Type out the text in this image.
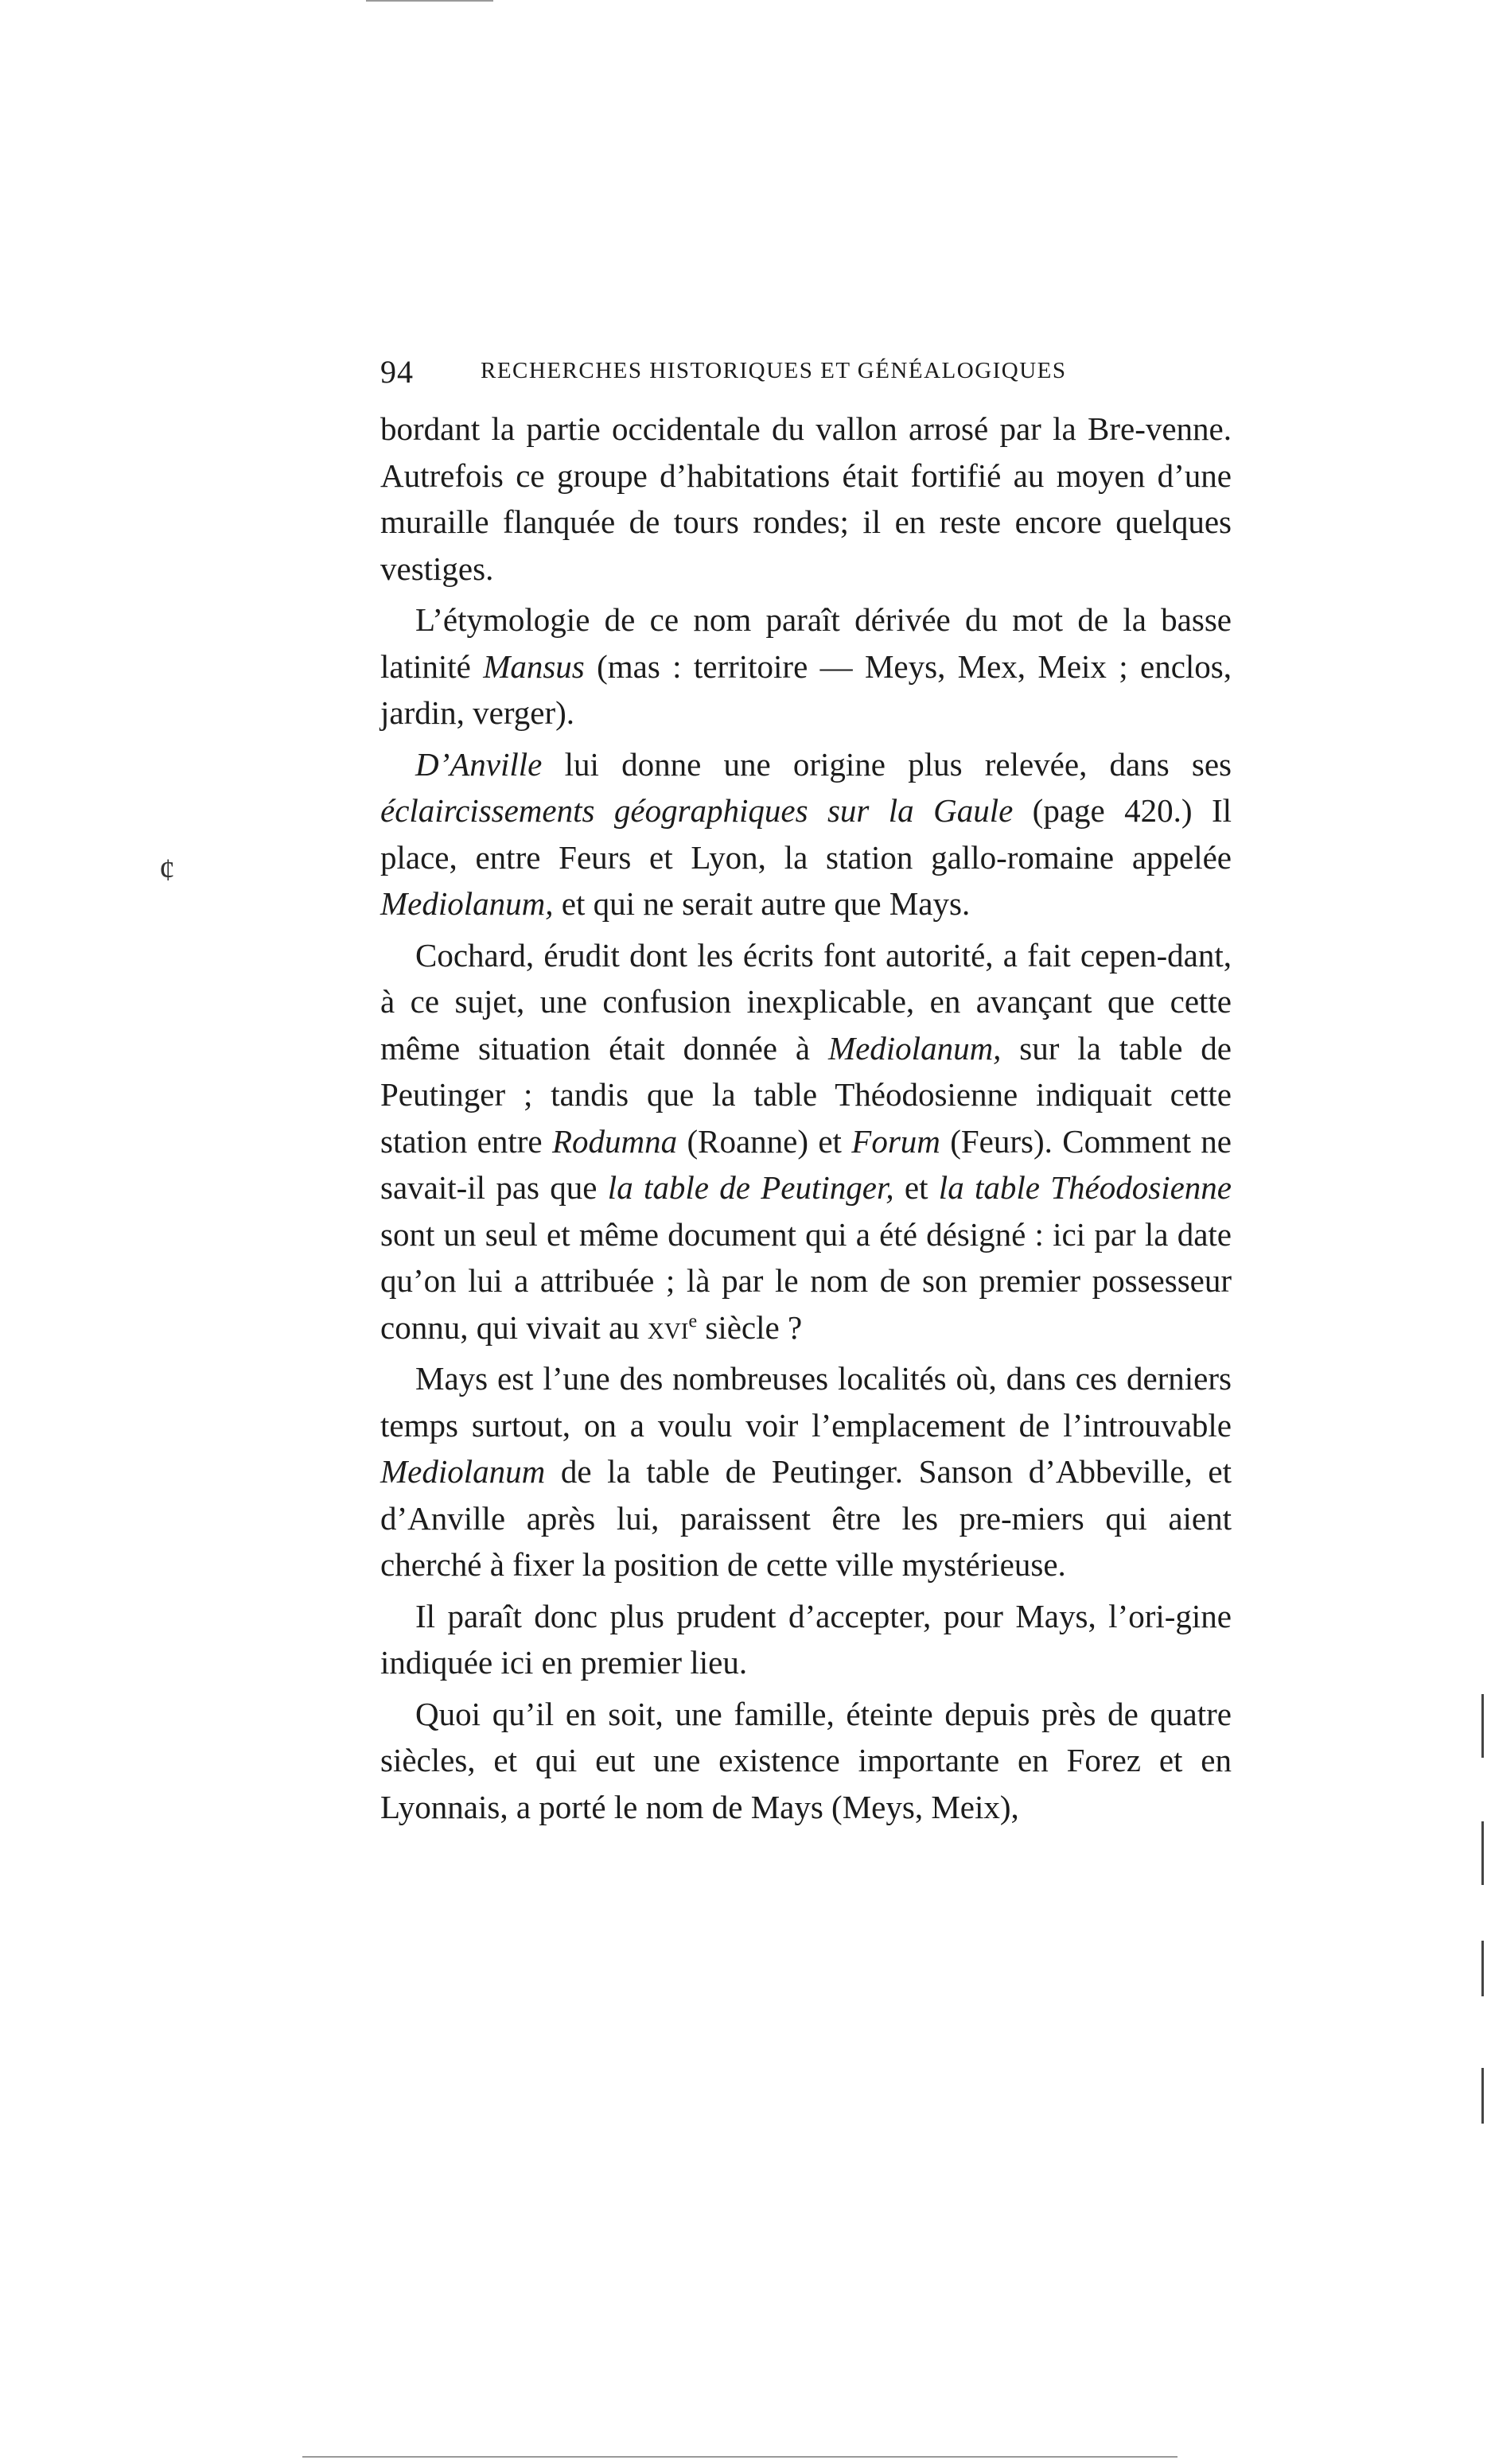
94	RECHERCHES HISTORIQUES ET GÉNÉALOGIQUES

bordant la partie occidentale du vallon arrosé par la Bre-venne. Autrefois ce groupe d’habitations était fortifié au moyen d’une muraille flanquée de tours rondes; il en reste encore quelques vestiges.

L’étymologie de ce nom paraît dérivée du mot de la basse latinité Mansus (mas : territoire — Meys, Mex, Meix ; enclos, jardin, verger).

D’Anville lui donne une origine plus relevée, dans ses éclaircissements géographiques sur la Gaule (page 420.) Il place, entre Feurs et Lyon, la station gallo-romaine appelée Mediolanum, et qui ne serait autre que Mays.

Cochard, érudit dont les écrits font autorité, a fait cepen-dant, à ce sujet, une confusion inexplicable, en avançant que cette même situation était donnée à Mediolanum, sur la table de Peutinger ; tandis que la table Théodosienne indiquait cette station entre Rodumna (Roanne) et Forum (Feurs). Comment ne savait-il pas que la table de Peutinger, et la table Théodosienne sont un seul et même document qui a été désigné : ici par la date qu’on lui a attribuée ; là par le nom de son premier possesseur connu, qui vivait au xvi$^e$ siècle ?

Mays est l’une des nombreuses localités où, dans ces derniers temps surtout, on a voulu voir l’emplacement de l’introuvable Mediolanum de la table de Peutinger. Sanson d’Abbeville, et d’Anville après lui, paraissent être les pre-miers qui aient cherché à fixer la position de cette ville mystérieuse.

Il paraît donc plus prudent d’accepter, pour Mays, l’ori-gine indiquée ici en premier lieu.

Quoi qu’il en soit, une famille, éteinte depuis près de quatre siècles, et qui eut une existence importante en Forez et en Lyonnais, a porté le nom de Mays (Meys, Meix),

¢
